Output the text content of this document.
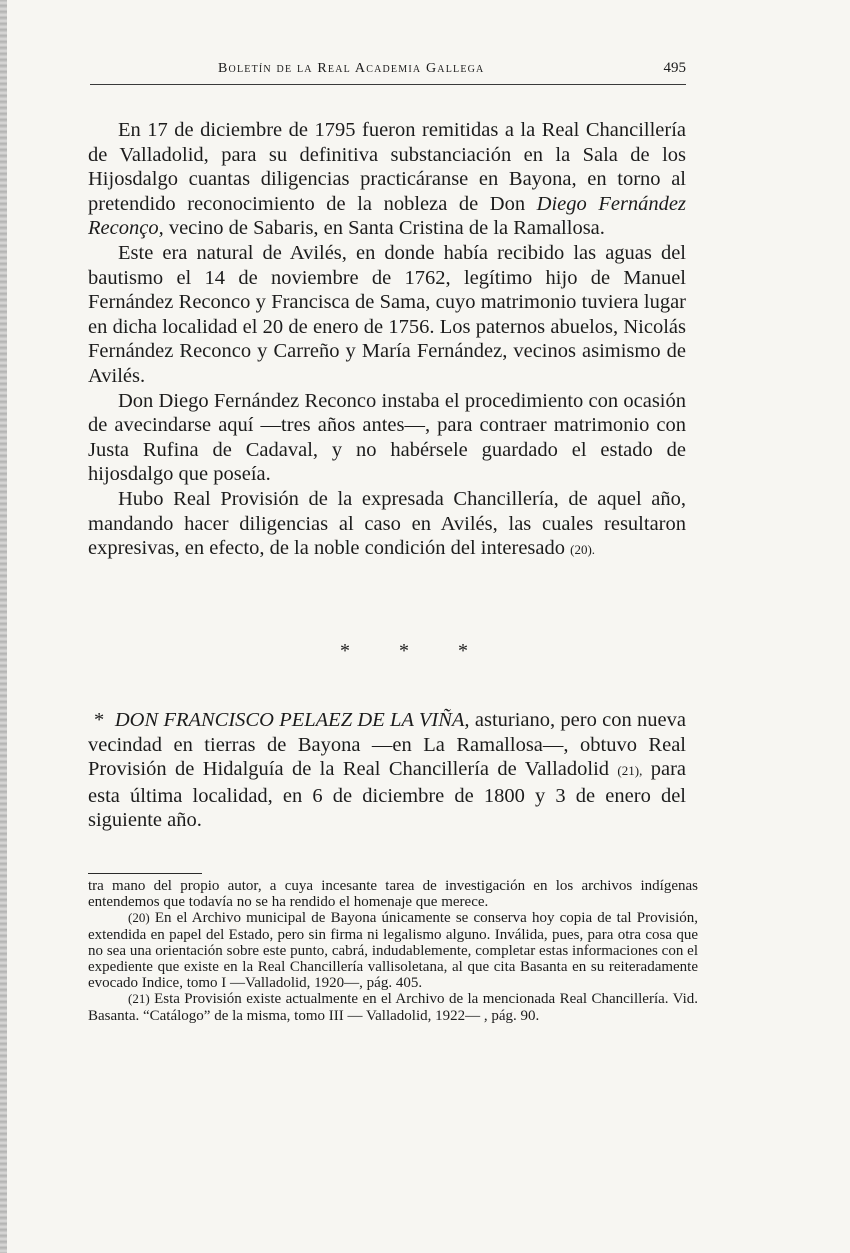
Boletín de la Real Academia Gallega	495

En 17 de diciembre de 1795 fueron remitidas a la Real Chancillería de Valladolid, para su definitiva substanciación en la Sala de los Hijosdalgo cuantas diligencias practicáranse en Bayona, en torno al pretendido reconocimiento de la nobleza de Don Diego Fernández Reconço, vecino de Sabaris, en Santa Cristina de la Ramallosa.

Este era natural de Avilés, en donde había recibido las aguas del bautismo el 14 de noviembre de 1762, legítimo hijo de Manuel Fernández Reconco y Francisca de Sama, cuyo matrimonio tuviera lugar en dicha localidad el 20 de enero de 1756. Los paternos abuelos, Nicolás Fernández Reconco y Carreño y María Fernández, vecinos asimismo de Avilés.

Don Diego Fernández Reconco instaba el procedimiento con ocasión de avecindarse aquí —tres años antes—, para contraer matrimonio con Justa Rufina de Cadaval, y no habérsele guardado el estado de hijosdalgo que poseía.

Hubo Real Provisión de la expresada Chancillería, de aquel año, mandando hacer diligencias al caso en Avilés, las cuales resultaron expresivas, en efecto, de la noble condición del interesado (20).

* * *

* DON FRANCISCO PELAEZ DE LA VIÑA, asturiano, pero con nueva vecindad en tierras de Bayona —en La Ramallosa—, obtuvo Real Provisión de Hidalguía de la Real Chancillería de Valladolid (21), para esta última localidad, en 6 de diciembre de 1800 y 3 de enero del siguiente año.

tra mano del propio autor, a cuya incesante tarea de investigación en los archivos indígenas entendemos que todavía no se ha rendido el homenaje que merece.

(20) En el Archivo municipal de Bayona únicamente se conserva hoy copia de tal Provisión, extendida en papel del Estado, pero sin firma ni legalismo alguno. Inválida, pues, para otra cosa que no sea una orientación sobre este punto, cabrá, indudablemente, completar estas informaciones con el expediente que existe en la Real Chancillería vallisoletana, al que cita Basanta en su reiteradamente evocado Indice, tomo I —Valladolid, 1920—, pág. 405.

(21) Esta Provisión existe actualmente en el Archivo de la mencionada Real Chancillería. Vid. Basanta. “Catálogo” de la misma, tomo III — Valladolid, 1922— , pág. 90.
